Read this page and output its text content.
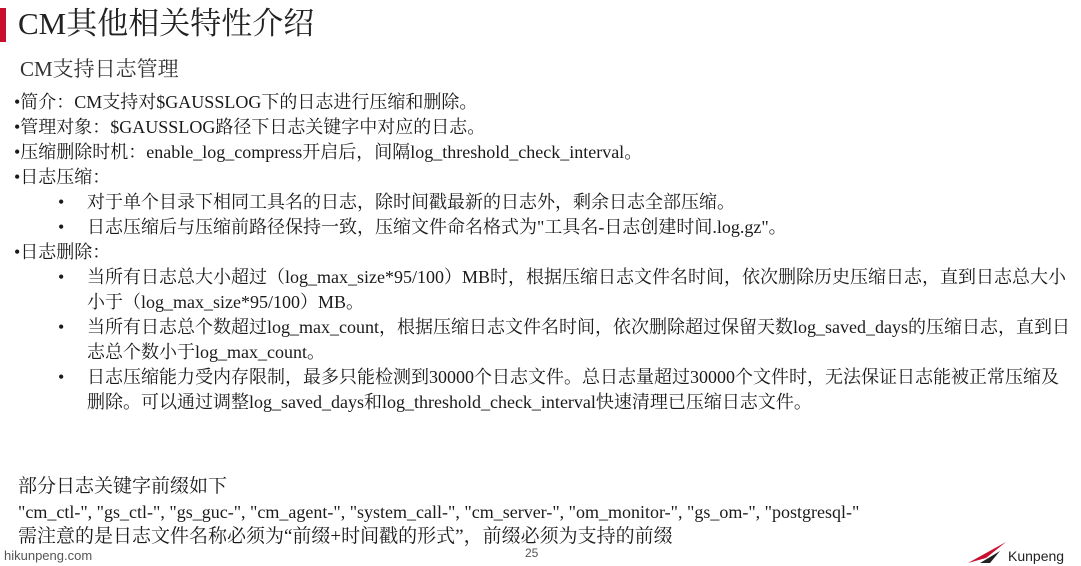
CM其他相关特性介绍
CM支持日志管理
•简介：CM支持对$GAUSSLOG下的日志进行压缩和删除。
•管理对象：$GAUSSLOG路径下日志关键字中对应的日志。
•压缩删除时机：enable_log_compress开启后，间隔log_threshold_check_interval。
•日志压缩：
• 对于单个目录下相同工具名的日志，除时间戳最新的日志外，剩余日志全部压缩。
• 日志压缩后与压缩前路径保持一致，压缩文件命名格式为"工具名-日志创建时间.log.gz"。
•日志删除：
• 当所有日志总大小超过（log_max_size*95/100）MB时，根据压缩日志文件名时间，依次删除历史压缩日志，直到日志总大小小于（log_max_size*95/100）MB。
• 当所有日志总个数超过log_max_count，根据压缩日志文件名时间，依次删除超过保留天数log_saved_days的压缩日志，直到日志总个数小于log_max_count。
• 日志压缩能力受内存限制，最多只能检测到30000个日志文件。总日志量超过30000个文件时，无法保证日志能被正常压缩及删除。可以通过调整log_saved_days和log_threshold_check_interval快速清理已压缩日志文件。
部分日志关键字前缀如下
"cm_ctl-", "gs_ctl-", "gs_guc-", "cm_agent-", "system_call-", "cm_server-", "om_monitor-", "gs_om-", "postgresql-"
需注意的是日志文件名称必须为“前缀+时间戳的形式”，前缀必须为支持的前缀
hikunpeng.com	25	Kunpeng
